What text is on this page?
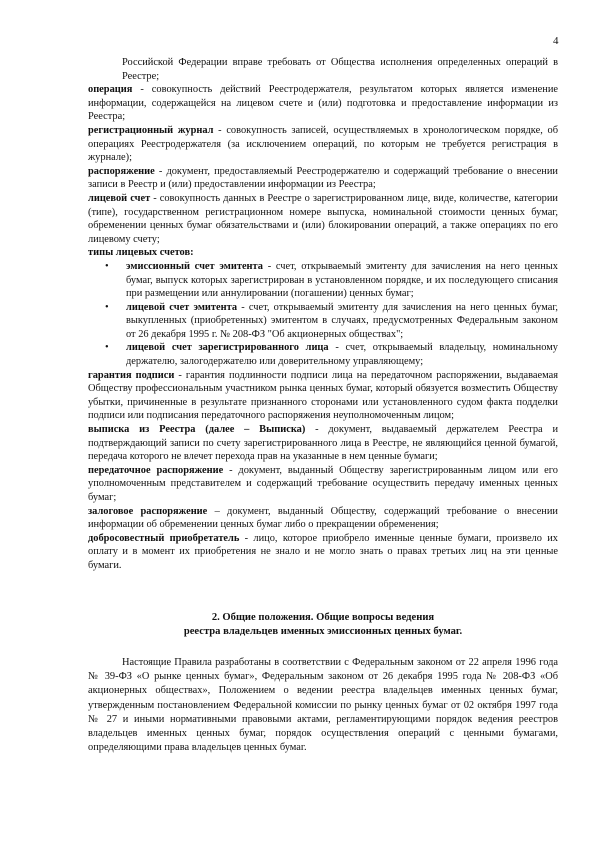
4

Российской Федерации вправе требовать от Общества исполнения определенных операций в Реестре;

операция - совокупность действий Реестродержателя, результатом которых является изменение информации, содержащейся на лицевом счете и (или) подготовка и предоставление информации из Реестра;

регистрационный журнал - совокупность записей, осуществляемых в хронологическом порядке, об операциях Реестродержателя (за исключением операций, по которым не требуется регистрация в журнале);

распоряжение - документ, предоставляемый Реестродержателю и содержащий требование о внесении записи в Реестр и (или) предоставлении информации из Реестра;

лицевой счет - совокупность данных в Реестре о зарегистрированном лице, виде, количестве, категории (типе), государственном регистрационном номере выпуска, номинальной стоимости ценных бумаг, обременении ценных бумаг обязательствами и (или) блокировании операций, а также операциях по его лицевому счету;

типы лицевых счетов:

• эмиссионный счет эмитента - счет, открываемый эмитенту для зачисления на него ценных бумаг, выпуск которых зарегистрирован в установленном порядке, и их последующего списания при размещении или аннулировании (погашении) ценных бумаг;
• лицевой счет эмитента - счет, открываемый эмитенту для зачисления на него ценных бумаг, выкупленных (приобретенных) эмитентом в случаях, предусмотренных Федеральным законом от 26 декабря 1995 г. № 208-ФЗ "Об акционерных обществах";
• лицевой счет зарегистрированного лица - счет, открываемый владельцу, номинальному держателю, залогодержателю или доверительному управляющему;

гарантия подписи - гарантия подлинности подписи лица на передаточном распоряжении, выдаваемая Обществу профессиональным участником рынка ценных бумаг, который обязуется возместить Обществу убытки, причиненные в результате признанного сторонами или установленного судом факта подделки подписи или подписания передаточного распоряжения неуполномоченным лицом;

выписка из Реестра (далее – Выписка) - документ, выдаваемый держателем Реестра и подтверждающий записи по счету зарегистрированного лица в Реестре, не являющийся ценной бумагой, передача которого не влечет перехода прав на указанные в нем ценные бумаги;

передаточное распоряжение - документ, выданный Обществу зарегистрированным лицом или его уполномоченным представителем и содержащий требование осуществить передачу именных ценных бумаг;

залоговое распоряжение – документ, выданный Обществу, содержащий требование о внесении информации об обременении ценных бумаг либо о прекращении обременения;

добросовестный приобретатель - лицо, которое приобрело именные ценные бумаги, произвело их оплату и в момент их приобретения не знало и не могло знать о правах третьих лиц на эти ценные бумаги.

2. Общие положения. Общие вопросы ведения
реестра владельцев именных эмиссионных ценных бумаг.

Настоящие Правила разработаны в соответствии с Федеральным законом от 22 апреля 1996 года № 39-ФЗ «О рынке ценных бумаг», Федеральным законом от 26 декабря 1995 года № 208-ФЗ «Об акционерных обществах», Положением о ведении реестра владельцев именных ценных бумаг, утвержденным постановлением Федеральной комиссии по рынку ценных бумаг от 02 октября 1997 года № 27 и иными нормативными правовыми актами, регламентирующими порядок ведения реестров владельцев именных ценных бумаг, порядок осуществления операций с ценными бумагами, определяющими права владельцев ценных бумаг.
